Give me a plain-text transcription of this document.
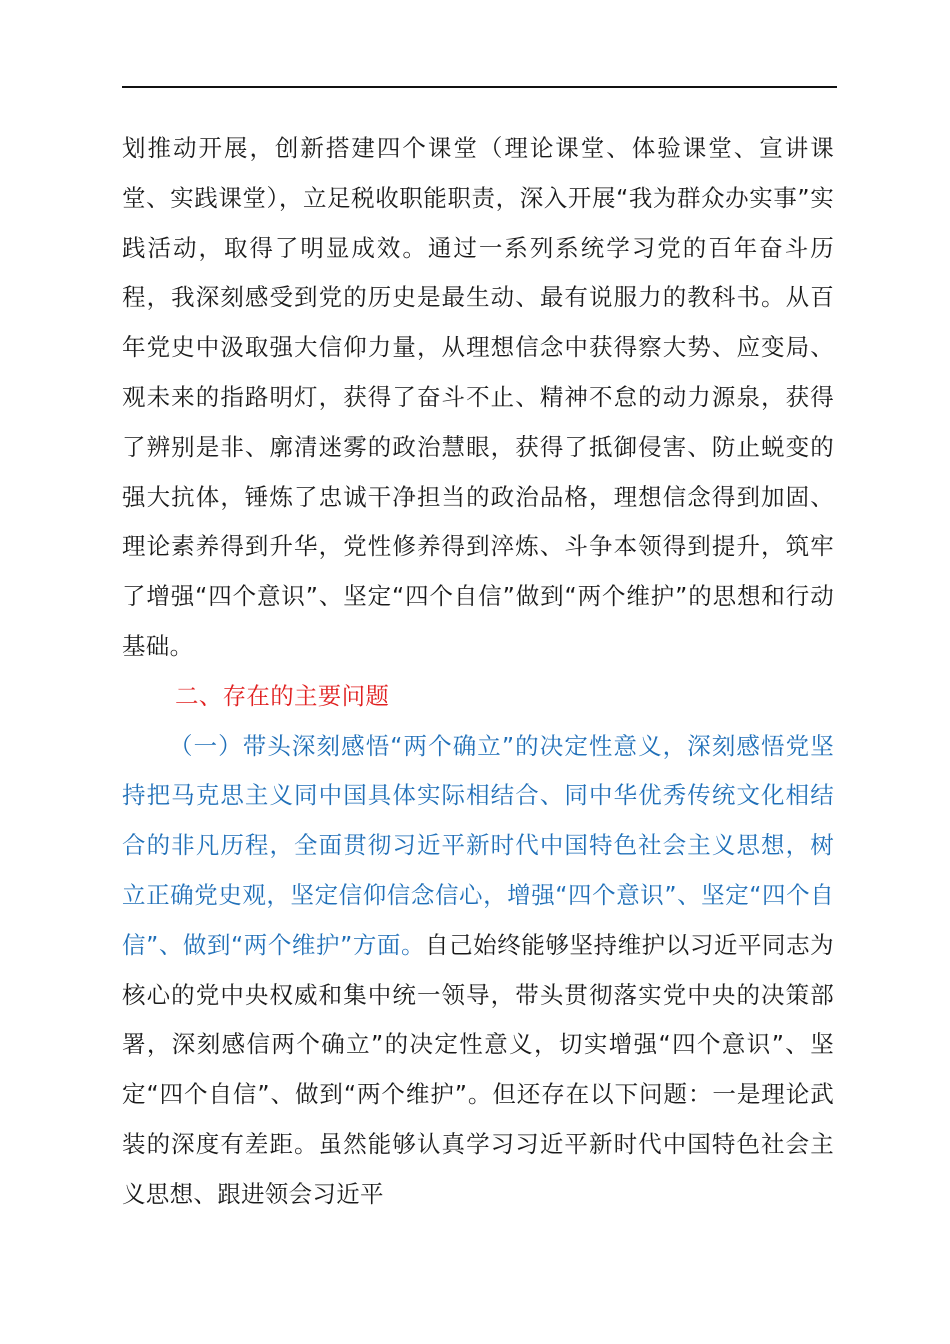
划推动开展，创新搭建四个课堂（理论课堂、体验课堂、宣讲课堂、实践课堂），立足税收职能职责，深入开展“我为群众办实事”实践活动，取得了明显成效。通过一系列系统学习党的百年奋斗历程，我深刻感受到党的历史是最生动、最有说服力的教科书。从百年党史中汲取强大信仰力量，从理想信念中获得察大势、应变局、观未来的指路明灯，获得了奋斗不止、精神不怠的动力源泉，获得了辨别是非、廓清迷雾的政治慧眼，获得了抵御侵害、防止蜕变的强大抗体，锤炼了忠诚干净担当的政治品格，理想信念得到加固、理论素养得到升华，党性修养得到淬炼、斗争本领得到提升，筑牢了增强“四个意识”、坚定“四个自信”做到“两个维护”的思想和行动基础。

二、存在的主要问题

（一）带头深刻感悟“两个确立”的决定性意义，深刻感悟党坚持把马克思主义同中国具体实际相结合、同中华优秀传统文化相结合的非凡历程，全面贯彻习近平新时代中国特色社会主义思想，树立正确党史观，坚定信仰信念信心，增强“四个意识”、坚定“四个自信”、做到“两个维护”方面。自己始终能够坚持维护以习近平同志为核心的党中央权威和集中统一领导，带头贯彻落实党中央的决策部署，深刻感信两个确立”的决定性意义，切实增强“四个意识”、坚定“四个自信”、做到“两个维护”。但还存在以下问题：一是理论武装的深度有差距。虽然能够认真学习习近平新时代中国特色社会主义思想、跟进领会习近平
